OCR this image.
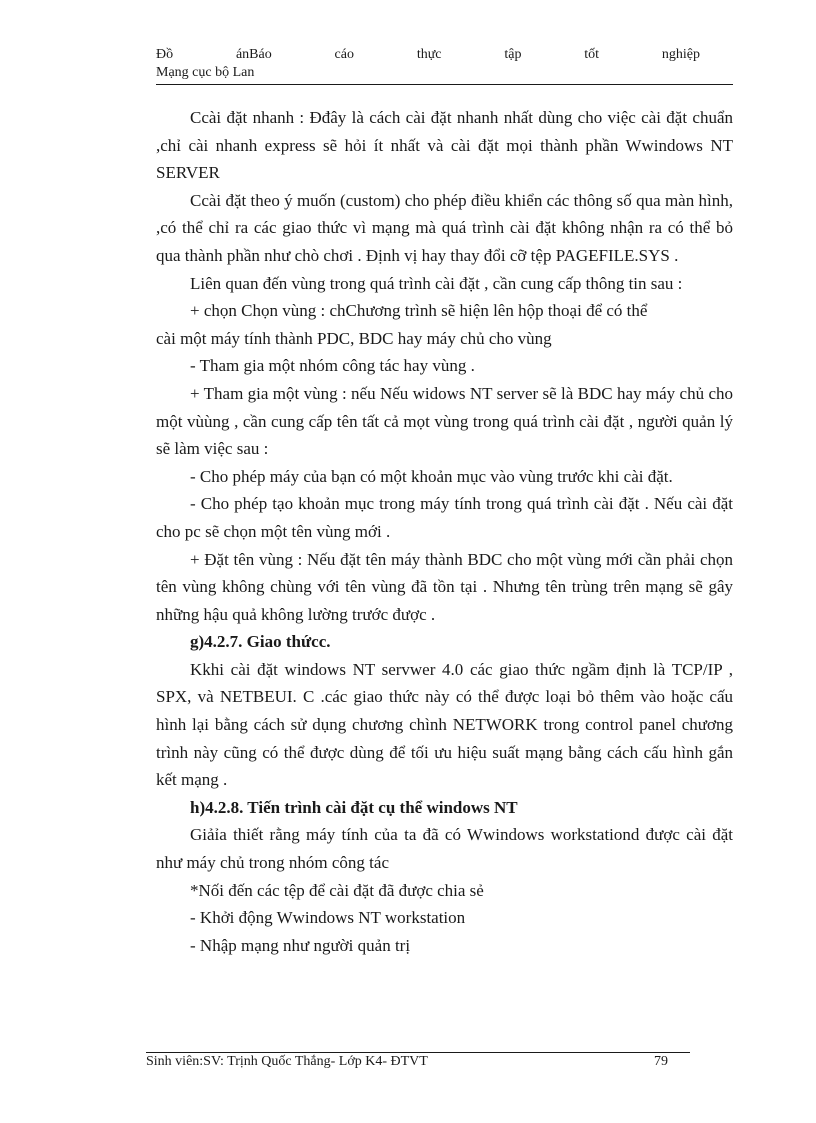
Đồ	ánBáo	cáo	thực	tập	tốt	nghiệp
Mạng cục bộ Lan

Ccài đặt nhanh : Đđây là cách cài đặt nhanh nhất dùng cho việc cài đặt chuẩn ,chỉ cài nhanh express sẽ hỏi ít nhất và cài đặt mọi thành phần Wwindows NT SERVER

Ccài đặt theo ý muốn (custom) cho phép điều khiển các thông số qua màn hình, ,có thể chỉ ra các giao thức vì mạng mà quá trình cài đặt không nhận ra có thể bỏ qua thành phần như chò chơi . Định vị hay thay đổi cỡ tệp PAGEFILE.SYS .

Liên quan đến vùng trong quá trình cài đặt , cần cung cấp thông tin sau :

+ chọn Chọn vùng : chChương trình sẽ hiện lên hộp thoại để có thể

cài một máy tính thành PDC, BDC hay máy chủ cho vùng

- Tham gia một nhóm công tác hay vùng .

+ Tham gia một vùng : nếu Nếu widows NT server sẽ là BDC hay máy chủ cho một vùùng , cần cung cấp tên tất cả mọt vùng trong quá trình cài đặt , người quản lý sẽ làm việc sau :

- Cho phép máy của bạn có một khoản mục vào vùng trước khi cài đặt.

- Cho phép tạo khoản mục trong máy tính trong quá trình cài đặt . Nếu cài đặt cho pc sẽ chọn một tên vùng mới .

+ Đặt tên vùng : Nếu đặt tên máy thành BDC cho một vùng mới cần phải chọn tên vùng không chùng với tên vùng đã tồn tại . Nhưng tên trùng trên mạng sẽ gây những hậu quả không lường trước được .

g)4.2.7. Giao thứcc.

Kkhi cài đặt windows NT servwer 4.0 các giao thức ngầm định là TCP/IP , SPX, và NETBEUI. C .các giao thức này có thể được loại bỏ thêm vào hoặc cấu hình lại bằng cách sử dụng chương chình NETWORK trong control panel chương trình này cũng có thể được dùng để tối ưu hiệu suất mạng bằng cách cấu hình gắn kết mạng .

h)4.2.8. Tiến trình cài đặt cụ thể windows NT

Giảỉa thiết rằng máy tính của ta đã có Wwindows workstationd được cài đặt như máy chủ trong nhóm công tác

*Nối đến các tệp để cài đặt đã được chia sẻ

- Khởi động Wwindows NT workstation

- Nhập mạng như người quản trị

Sinh viên:SV: Trịnh Quốc Thắng- Lớp K4- ĐTVT	79
